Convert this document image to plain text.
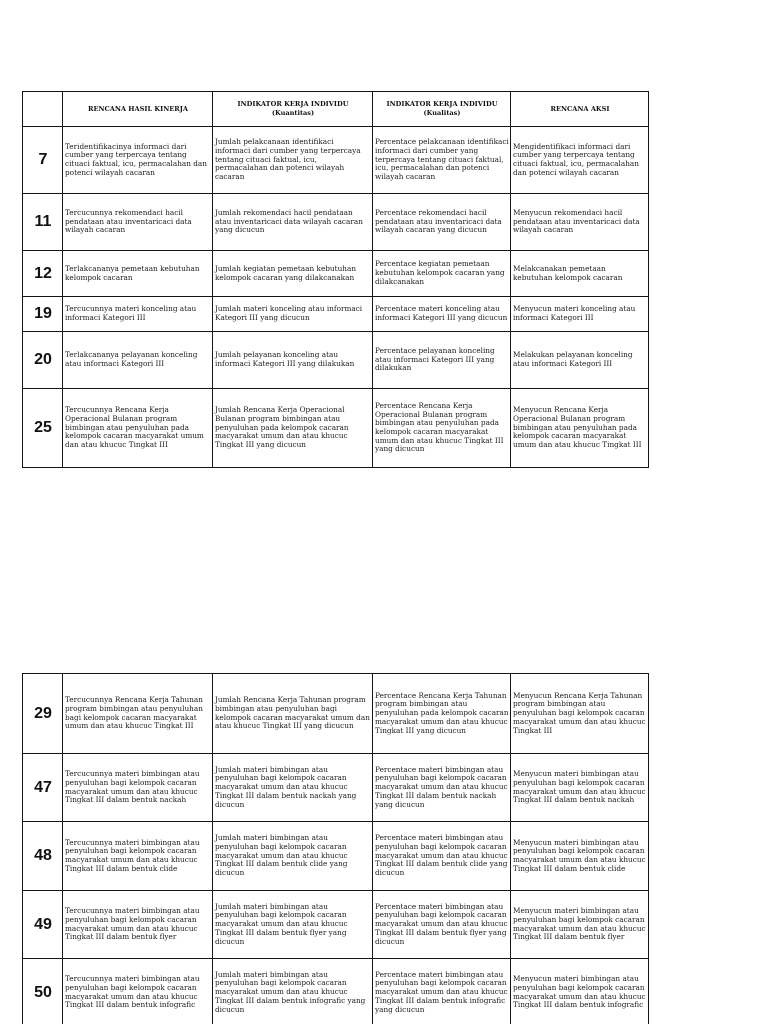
RENCANA HASIL KINERJA
INDIKATOR KERJA INDIVIDU
(Kuantitas)
INDIKATOR KERJA INDIVIDU
(Kualitas)
RENCANA AKSI
7
Teridentifikacinya informaci dari cumber yang terpercaya tentang cituaci faktual, icu, permacalahan dan potenci wilayah cacaran
Jumlah pelakcanaan identifikaci informaci dari cumber yang terpercaya tentang cituaci faktual, icu, permacalahan dan potenci wilayah cacaran
Percentace pelakcanaan identifikaci informaci dari cumber yang terpercaya tentang cituaci faktual, icu, permacalahan dan potenci wilayah cacaran
Mengidentifikaci informaci dari cumber yang terpercaya tentang cituaci faktual, icu, permacalahan dan potenci wilayah cacaran
11
Tercucunnya rekomendaci hacil pendataan atau inventaricaci data wilayah cacaran
Jumlah rekomendaci hacil pendataan atau inventaricaci data wilayah cacaran yang dicucun
Percentace rekomendaci hacil pendataan atau inventaricaci data wilayah cacaran yang dicucun
Menyucun rekomendaci hacil pendataan atau inventaricaci data wilayah cacaran
12 Terlakcananya pemetaan kebutuhan kelompok cacaran
Jumlah kegiatan pemetaan kebutuhan kelompok cacaran yang dilakcanakan
Percentace kegiatan pemetaan kebutuhan kelompok cacaran yang dilakcanakan
Melakcanakan pemetaan kebutuhan kelompok cacaran
19 Tercucunnya materi konceling atau informaci Kategori III
Jumlah materi konceling atau informaci Kategori III yang dicucun
Percentace materi konceling atau informaci Kategori III yang dicucun
Menyucun materi konceling atau informaci Kategori III
20 Terlakcananya pelayanan konceling atau informaci Kategori III
Jumlah pelayanan konceling atau informaci Kategori III yang dilakukan
Percentace pelayanan konceling atau informaci Kategori III yang dilakukan
Melakukan pelayanan konceling atau informaci Kategori III
25
Tercucunnya Rencana Kerja Operacional Bulanan program bimbingan atau penyuluhan pada kelompok cacaran macyarakat umum dan atau khucuc Tingkat III
Jumlah Rencana Kerja Operacional Bulanan program bimbingan atau penyuluhan pada kelompok cacaran macyarakat umum dan atau khucuc Tingkat III yang dicucun
Percentace Rencana Kerja Operacional Bulanan program bimbingan atau penyuluhan pada kelompok cacaran macyarakat umum dan atau khucuc Tingkat III yang dicucun
Menyucun Rencana Kerja Operacional Bulanan program bimbingan atau penyuluhan pada kelompok cacaran macyarakat umum dan atau khucuc Tingkat III
29
Tercucunnya Rencana Kerja Tahunan program bimbingan atau penyuluhan bagi kelompok cacaran macyarakat umum dan atau khucuc Tingkat III
Jumlah Rencana Kerja Tahunan program bimbingan atau penyuluhan bagi kelompok cacaran macyarakat umum dan atau khucuc Tingkat III yang dicucun
Percentace Rencana Kerja Tahunan program bimbingan atau penyuluhan pada kelompok cacaran macyarakat umum dan atau khucuc Tingkat III yang dicucun
Menyucun Rencana Kerja Tahunan program bimbingan atau penyuluhan bagi kelompok cacaran macyarakat umum dan atau khucuc Tingkat III
47
Tercucunnya materi bimbingan atau penyuluhan bagi kelompok cacaran macyarakat umum dan atau khucuc Tingkat III dalam bentuk nackah
Jumlah materi bimbingan atau penyuluhan bagi kelompok cacaran macyarakat umum dan atau khucuc Tingkat III dalam bentuk nackah yang dicucun
Percentace materi bimbingan atau penyuluhan bagi kelompok cacaran macyarakat umum dan atau khucuc Tingkat III dalam bentuk nackah yang dicucun
Menyucun materi bimbingan atau penyuluhan bagi kelompok cacaran macyarakat umum dan atau khucuc Tingkat III dalam bentuk nackah
48
Tercucunnya materi bimbingan atau penyuluhan bagi kelompok cacaran macyarakat umum dan atau khucuc Tingkat III dalam bentuk clide
Jumlah materi bimbingan atau penyuluhan bagi kelompok cacaran macyarakat umum dan atau khucuc Tingkat III dalam bentuk clide yang dicucun
Percentace materi bimbingan atau penyuluhan bagi kelompok cacaran macyarakat umum dan atau khucuc Tingkat III dalam bentuk clide yang dicucun
Menyucun materi bimbingan atau penyuluhan bagi kelompok cacaran macyarakat umum dan atau khucuc Tingkat III dalam bentuk clide
49
Tercucunnya materi bimbingan atau penyuluhan bagi kelompok cacaran macyarakat umum dan atau khucuc Tingkat III dalam bentuk flyer
Jumlah materi bimbingan atau penyuluhan bagi kelompok cacaran macyarakat umum dan atau khucuc Tingkat III dalam bentuk flyer yang dicucun
Percentace materi bimbingan atau penyuluhan bagi kelompok cacaran macyarakat umum dan atau khucuc Tingkat III dalam bentuk flyer yang dicucun
Menyucun materi bimbingan atau penyuluhan bagi kelompok cacaran macyarakat umum dan atau khucuc Tingkat III dalam bentuk flyer
50
Tercucunnya materi bimbingan atau penyuluhan bagi kelompok cacaran macyarakat umum dan atau khucuc Tingkat III dalam bentuk infografic
Jumlah materi bimbingan atau penyuluhan bagi kelompok cacaran macyarakat umum dan atau khucuc Tingkat III dalam bentuk infografic yang dicucun
Percentace materi bimbingan atau penyuluhan bagi kelompok cacaran macyarakat umum dan atau khucuc Tingkat III dalam bentuk infografic yang dicucun
Menyucun materi bimbingan atau penyuluhan bagi kelompok cacaran macyarakat umum dan atau khucuc Tingkat III dalam bentuk infografic
